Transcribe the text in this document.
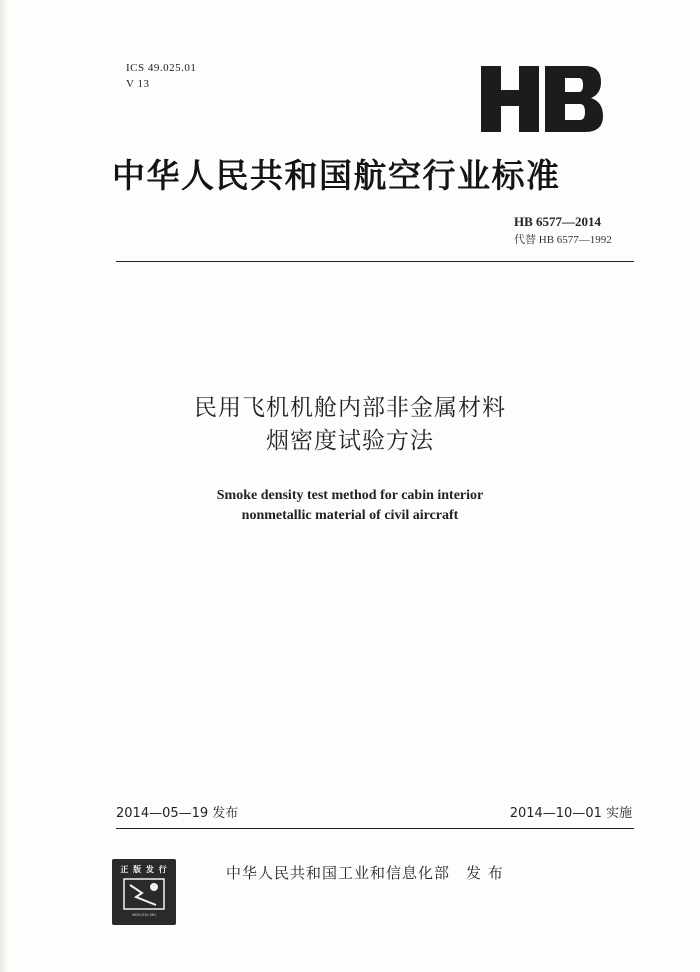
ICS 49.025.01
V 13
中华人民共和国航空行业标准
HB 6577—2014
代替 HB 6577—1992
民用飞机机舱内部非金属材料
烟密度试验方法
Smoke density test method for cabin interior
nonmetallic material of civil aircraft
2014—05—19 发布	2014—10—01 实施
正 版 发 行
4009,010,561
中华人民共和国工业和信息化部　发 布
